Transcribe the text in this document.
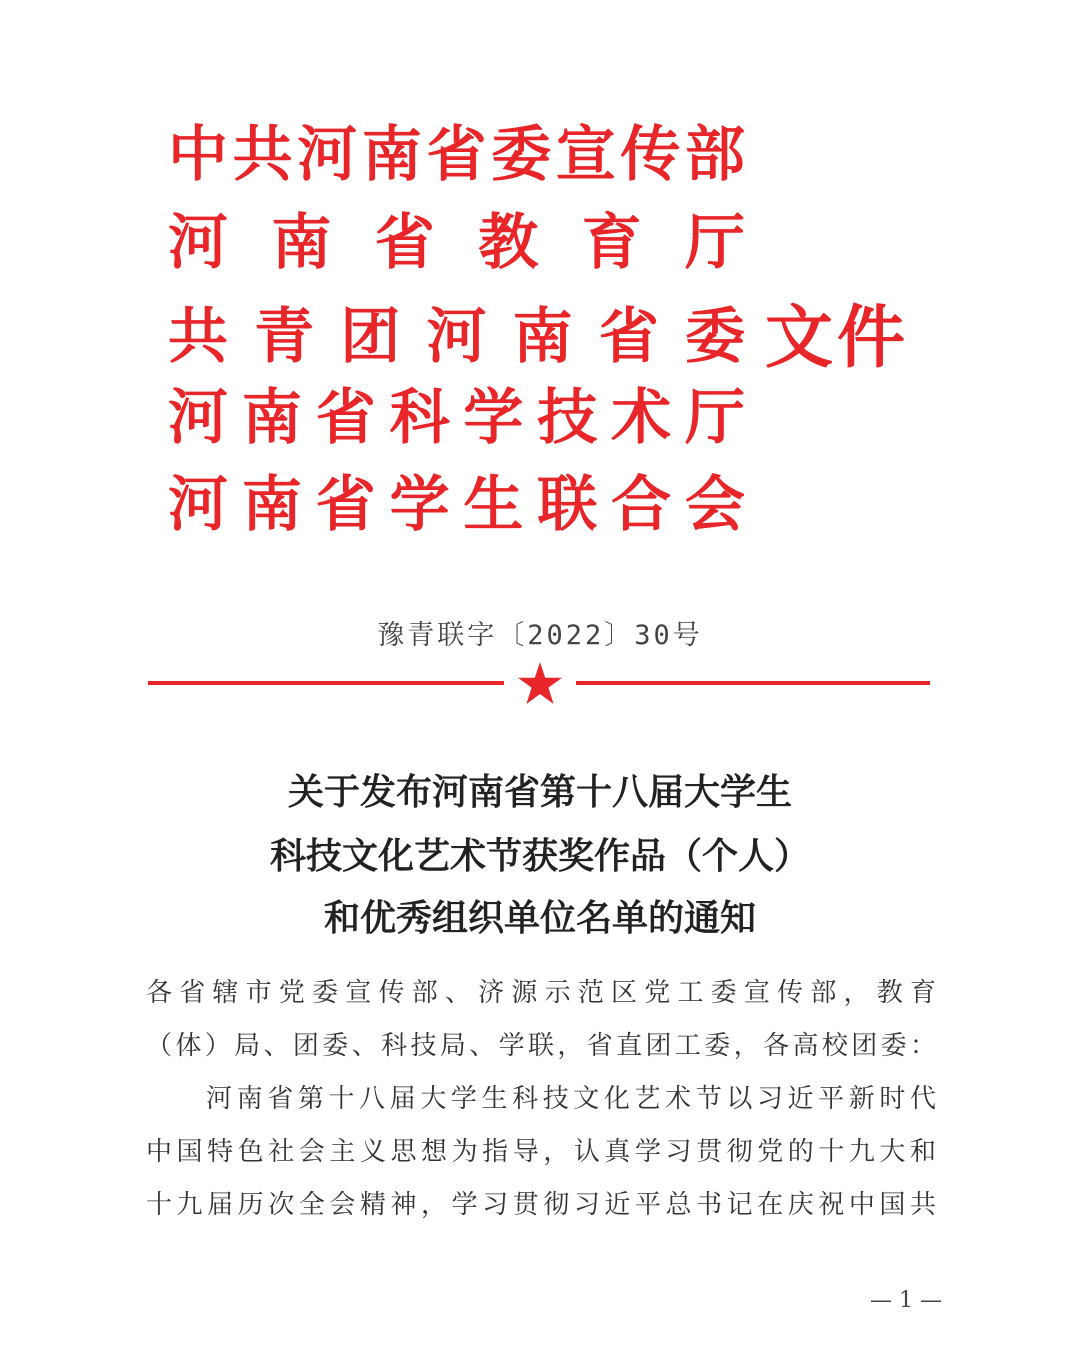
中共河南省委宣传部
河南省教育厅
共青团河南省委 文件
河南省科学技术厅
河南省学生联合会
豫青联字〔2022〕30号
关于发布河南省第十八届大学生
科技文化艺术节获奖作品（个人）
和优秀组织单位名单的通知
各省辖市党委宣传部、济源示范区党工委宣传部，教育
（体）局、团委、科技局、学联，省直团工委，各高校团委：
河南省第十八届大学生科技文化艺术节以习近平新时代
中国特色社会主义思想为指导，认真学习贯彻党的十九大和
十九届历次全会精神，学习贯彻习近平总书记在庆祝中国共
— 1 —
